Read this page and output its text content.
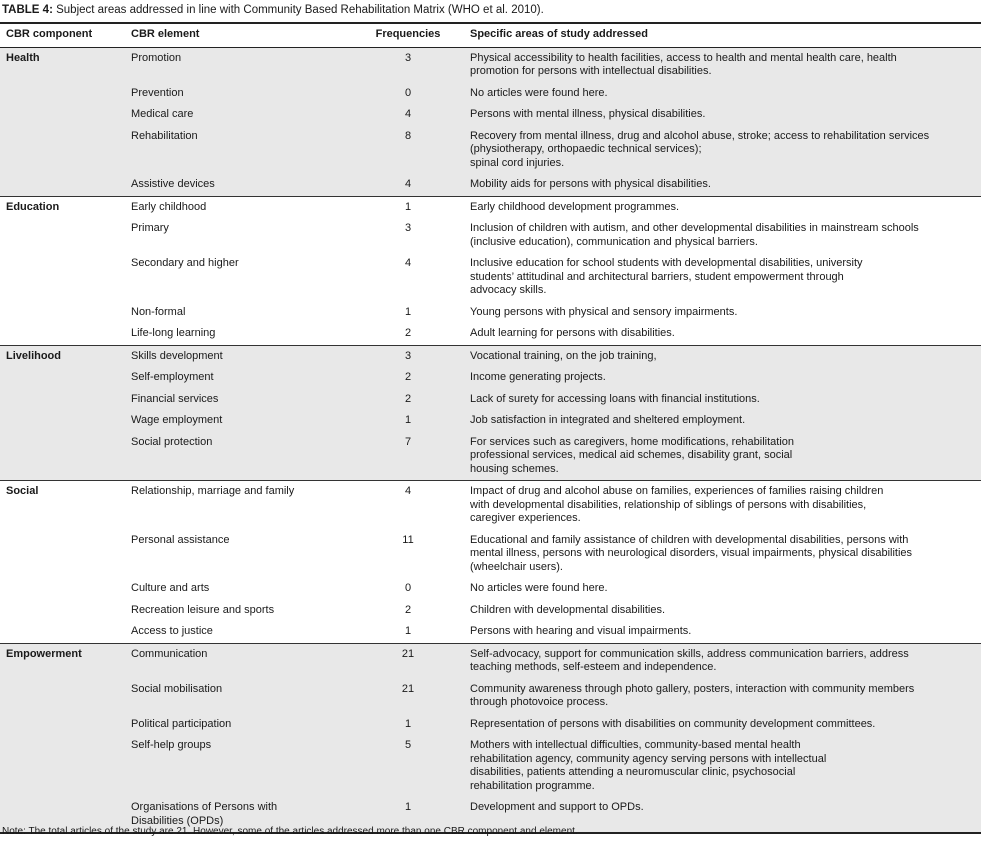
TABLE 4: Subject areas addressed in line with Community Based Rehabilitation Matrix (WHO et al. 2010).
CBR component	CBR element	Frequencies	Specific areas of study addressed
Health	Promotion	3	Physical accessibility to health facilities, access to health and mental health care, health
promotion for persons with intellectual disabilities.
	Prevention	0	No articles were found here.
	Medical care	4	Persons with mental illness, physical disabilities.
	Rehabilitation	8	Recovery from mental illness, drug and alcohol abuse, stroke; access to rehabilitation services
(physiotherapy, orthopaedic technical services);
spinal cord injuries.
	Assistive devices	4	Mobility aids for persons with physical disabilities.
Education	Early childhood	1	Early childhood development programmes.
	Primary	3	Inclusion of children with autism, and other developmental disabilities in mainstream schools
(inclusive education), communication and physical barriers.
	Secondary and higher	4	Inclusive education for school students with developmental disabilities, university
students’ attitudinal and architectural barriers, student empowerment through
advocacy skills.
	Non-formal	1	Young persons with physical and sensory impairments.
	Life-long learning	2	Adult learning for persons with disabilities.
Livelihood	Skills development	3	Vocational training, on the job training,
	Self-employment	2	Income generating projects.
	Financial services	2	Lack of surety for accessing loans with financial institutions.
	Wage employment	1	Job satisfaction in integrated and sheltered employment.
	Social protection	7	For services such as caregivers, home modifications, rehabilitation
professional services, medical aid schemes, disability grant, social
housing schemes.
Social	Relationship, marriage and family	4	Impact of drug and alcohol abuse on families, experiences of families raising children
with developmental disabilities, relationship of siblings of persons with disabilities,
caregiver experiences.
	Personal assistance	11	Educational and family assistance of children with developmental disabilities, persons with
mental illness, persons with neurological disorders, visual impairments, physical disabilities
(wheelchair users).
	Culture and arts	0	No articles were found here.
	Recreation leisure and sports	2	Children with developmental disabilities.
	Access to justice	1	Persons with hearing and visual impairments.
Empowerment	Communication	21	Self-advocacy, support for communication skills, address communication barriers, address
teaching methods, self-esteem and independence.
	Social mobilisation	21	Community awareness through photo gallery, posters, interaction with community members
through photovoice process.
	Political participation	1	Representation of persons with disabilities on community development committees.
	Self-help groups	5	Mothers with intellectual difficulties, community-based mental health
rehabilitation agency, community agency serving persons with intellectual
disabilities, patients attending a neuromuscular clinic, psychosocial
rehabilitation programme.
	Organisations of Persons with
Disabilities (OPDs)	1	Development and support to OPDs.
Note: The total articles of the study are 21. However, some of the articles addressed more than one CBR component and element.
